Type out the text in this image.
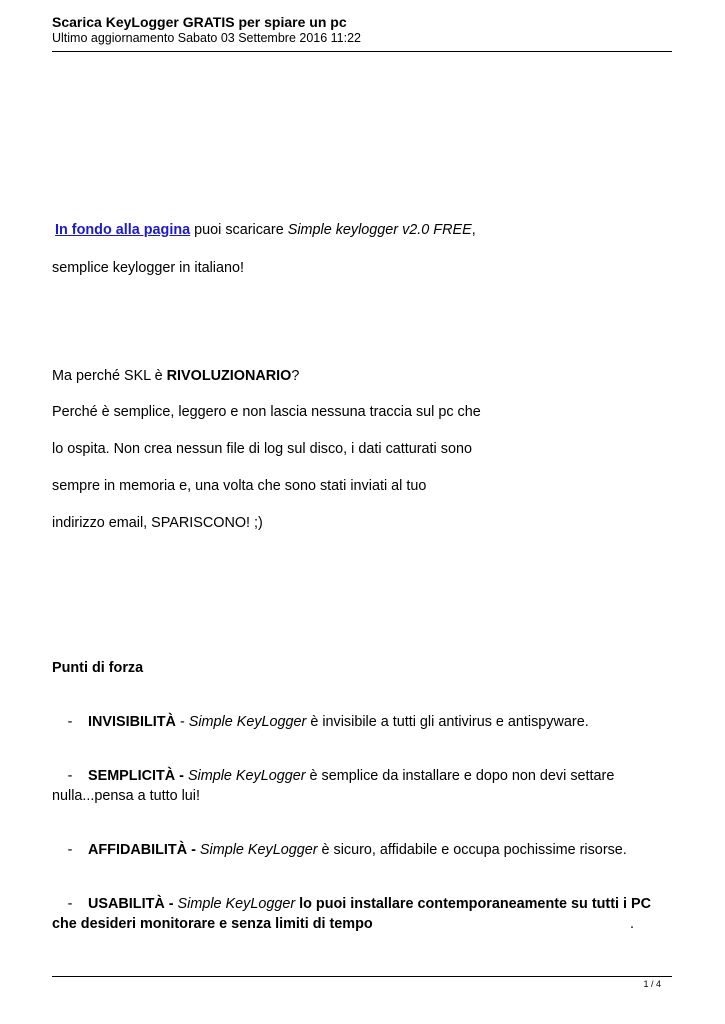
Scarica KeyLogger GRATIS per spiare un pc
Ultimo aggiornamento Sabato 03 Settembre 2016 11:22
In fondo alla pagina puoi scaricare Simple keylogger v2.0 FREE,
semplice keylogger in italiano!
Ma perché SKL è RIVOLUZIONARIO?
Perché è semplice, leggero e non lascia nessuna traccia sul pc che
lo ospita. Non crea nessun file di log sul disco, i dati catturati sono
sempre in memoria e, una volta che sono stati inviati al tuo
indirizzo email, SPARISCONO! ;)
Punti di forza
- INVISIBILITÀ - Simple KeyLogger è invisibile a tutti gli antivirus e antispyware.
- SEMPLICITÀ - Simple KeyLogger è semplice da installare e dopo non devi settare nulla...pensa a tutto lui!
- AFFIDABILITÀ - Simple KeyLogger è sicuro, affidabile e occupa pochissime risorse.
- USABILITÀ - Simple KeyLogger lo puoi installare contemporaneamente su tutti i PC che desideri monitorare e senza limiti di tempo	.
1 / 4
